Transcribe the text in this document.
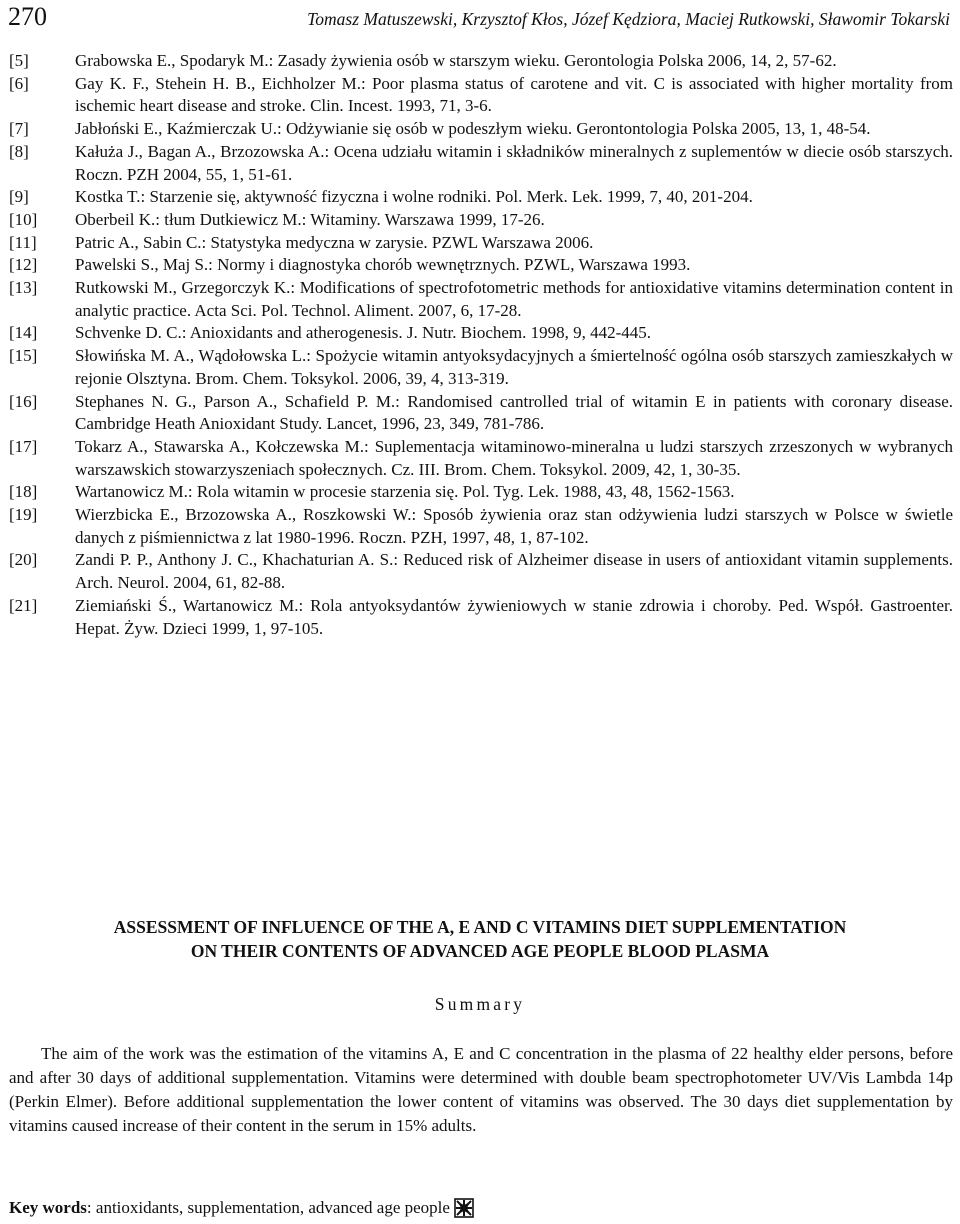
270	Tomasz Matuszewski, Krzysztof Kłos, Józef Kędziora, Maciej Rutkowski, Sławomir Tokarski
[5]	Grabowska E., Spodaryk M.: Zasady żywienia osób w starszym wieku. Gerontologia Polska 2006, 14, 2, 57-62.
[6]	Gay K. F., Stehein H. B., Eichholzer M.: Poor plasma status of carotene and vit. C is associated with higher mortality from ischemic heart disease and stroke. Clin. Incest. 1993, 71, 3-6.
[7]	Jabłoński E., Kaźmierczak U.: Odżywianie się osób w podeszłym wieku. Gerontontologia Polska 2005, 13, 1, 48-54.
[8]	Kałuża J., Bagan A., Brzozowska A.: Ocena udziału witamin i składników mineralnych z suplementów w diecie osób starszych. Roczn. PZH 2004, 55, 1, 51-61.
[9]	Kostka T.: Starzenie się, aktywność fizyczna i wolne rodniki. Pol. Merk. Lek. 1999, 7, 40, 201-204.
[10]	Oberbeil K.: tłum Dutkiewicz M.: Witaminy. Warszawa 1999, 17-26.
[11]	Patric A., Sabin C.: Statystyka medyczna w zarysie. PZWL Warszawa 2006.
[12]	Pawelski S., Maj S.: Normy i diagnostyka chorób wewnętrznych. PZWL, Warszawa 1993.
[13]	Rutkowski M., Grzegorczyk K.: Modifications of spectrofotometric methods for antioxidative vitamins determination content in analytic practice. Acta Sci. Pol. Technol. Aliment. 2007, 6, 17-28.
[14]	Schvenke D. C.: Anioxidants and atherogenesis. J. Nutr. Biochem. 1998, 9, 442-445.
[15]	Słowińska M. A., Wądołowska L.: Spożycie witamin antyoksydacyjnych a śmiertelność ogólna osób starszych zamieszkałych w rejonie Olsztyna. Brom. Chem. Toksykol. 2006, 39, 4, 313-319.
[16]	Stephanes N. G., Parson A., Schafield P. M.: Randomised cantrolled trial of witamin E in patients with coronary disease. Cambridge Heath Anioxidant Study. Lancet, 1996, 23, 349, 781-786.
[17]	Tokarz A., Stawarska A., Kołczewska M.: Suplementacja witaminowo-mineralna u ludzi starszych zrzeszonych w wybranych warszawskich stowarzyszeniach społecznych. Cz. III. Brom. Chem. Toksykol. 2009, 42, 1, 30-35.
[18]	Wartanowicz M.: Rola witamin w procesie starzenia się. Pol. Tyg. Lek. 1988, 43, 48, 1562-1563.
[19]	Wierzbicka E., Brzozowska A., Roszkowski W.: Sposób żywienia oraz stan odżywienia ludzi starszych w Polsce w świetle danych z piśmiennictwa z lat 1980-1996. Roczn. PZH, 1997, 48, 1, 87-102.
[20]	Zandi P. P., Anthony J. C., Khachaturian A. S.: Reduced risk of Alzheimer disease in users of antioxidant vitamin supplements. Arch. Neurol. 2004, 61, 82-88.
[21]	Ziemiański Ś., Wartanowicz M.: Rola antyoksydantów żywieniowych w stanie zdrowia i choroby. Ped. Współ. Gastroenter. Hepat. Żyw. Dzieci 1999, 1, 97-105.
ASSESSMENT OF INFLUENCE OF THE A, E AND C VITAMINS DIET SUPPLEMENTATION
ON THEIR CONTENTS OF ADVANCED AGE PEOPLE BLOOD PLASMA
Summary
The aim of the work was the estimation of the vitamins A, E and C concentration in the plasma of 22 healthy elder persons, before and after 30 days of additional supplementation. Vitamins were determined with double beam spectrophotometer UV/Vis Lambda 14p (Perkin Elmer). Before additional supplementation the lower content of vitamins was observed. The 30 days diet supplementation by vitamins caused increase of their content in the serum in 15% adults.
Key words : antioxidants, supplementation, advanced age people
